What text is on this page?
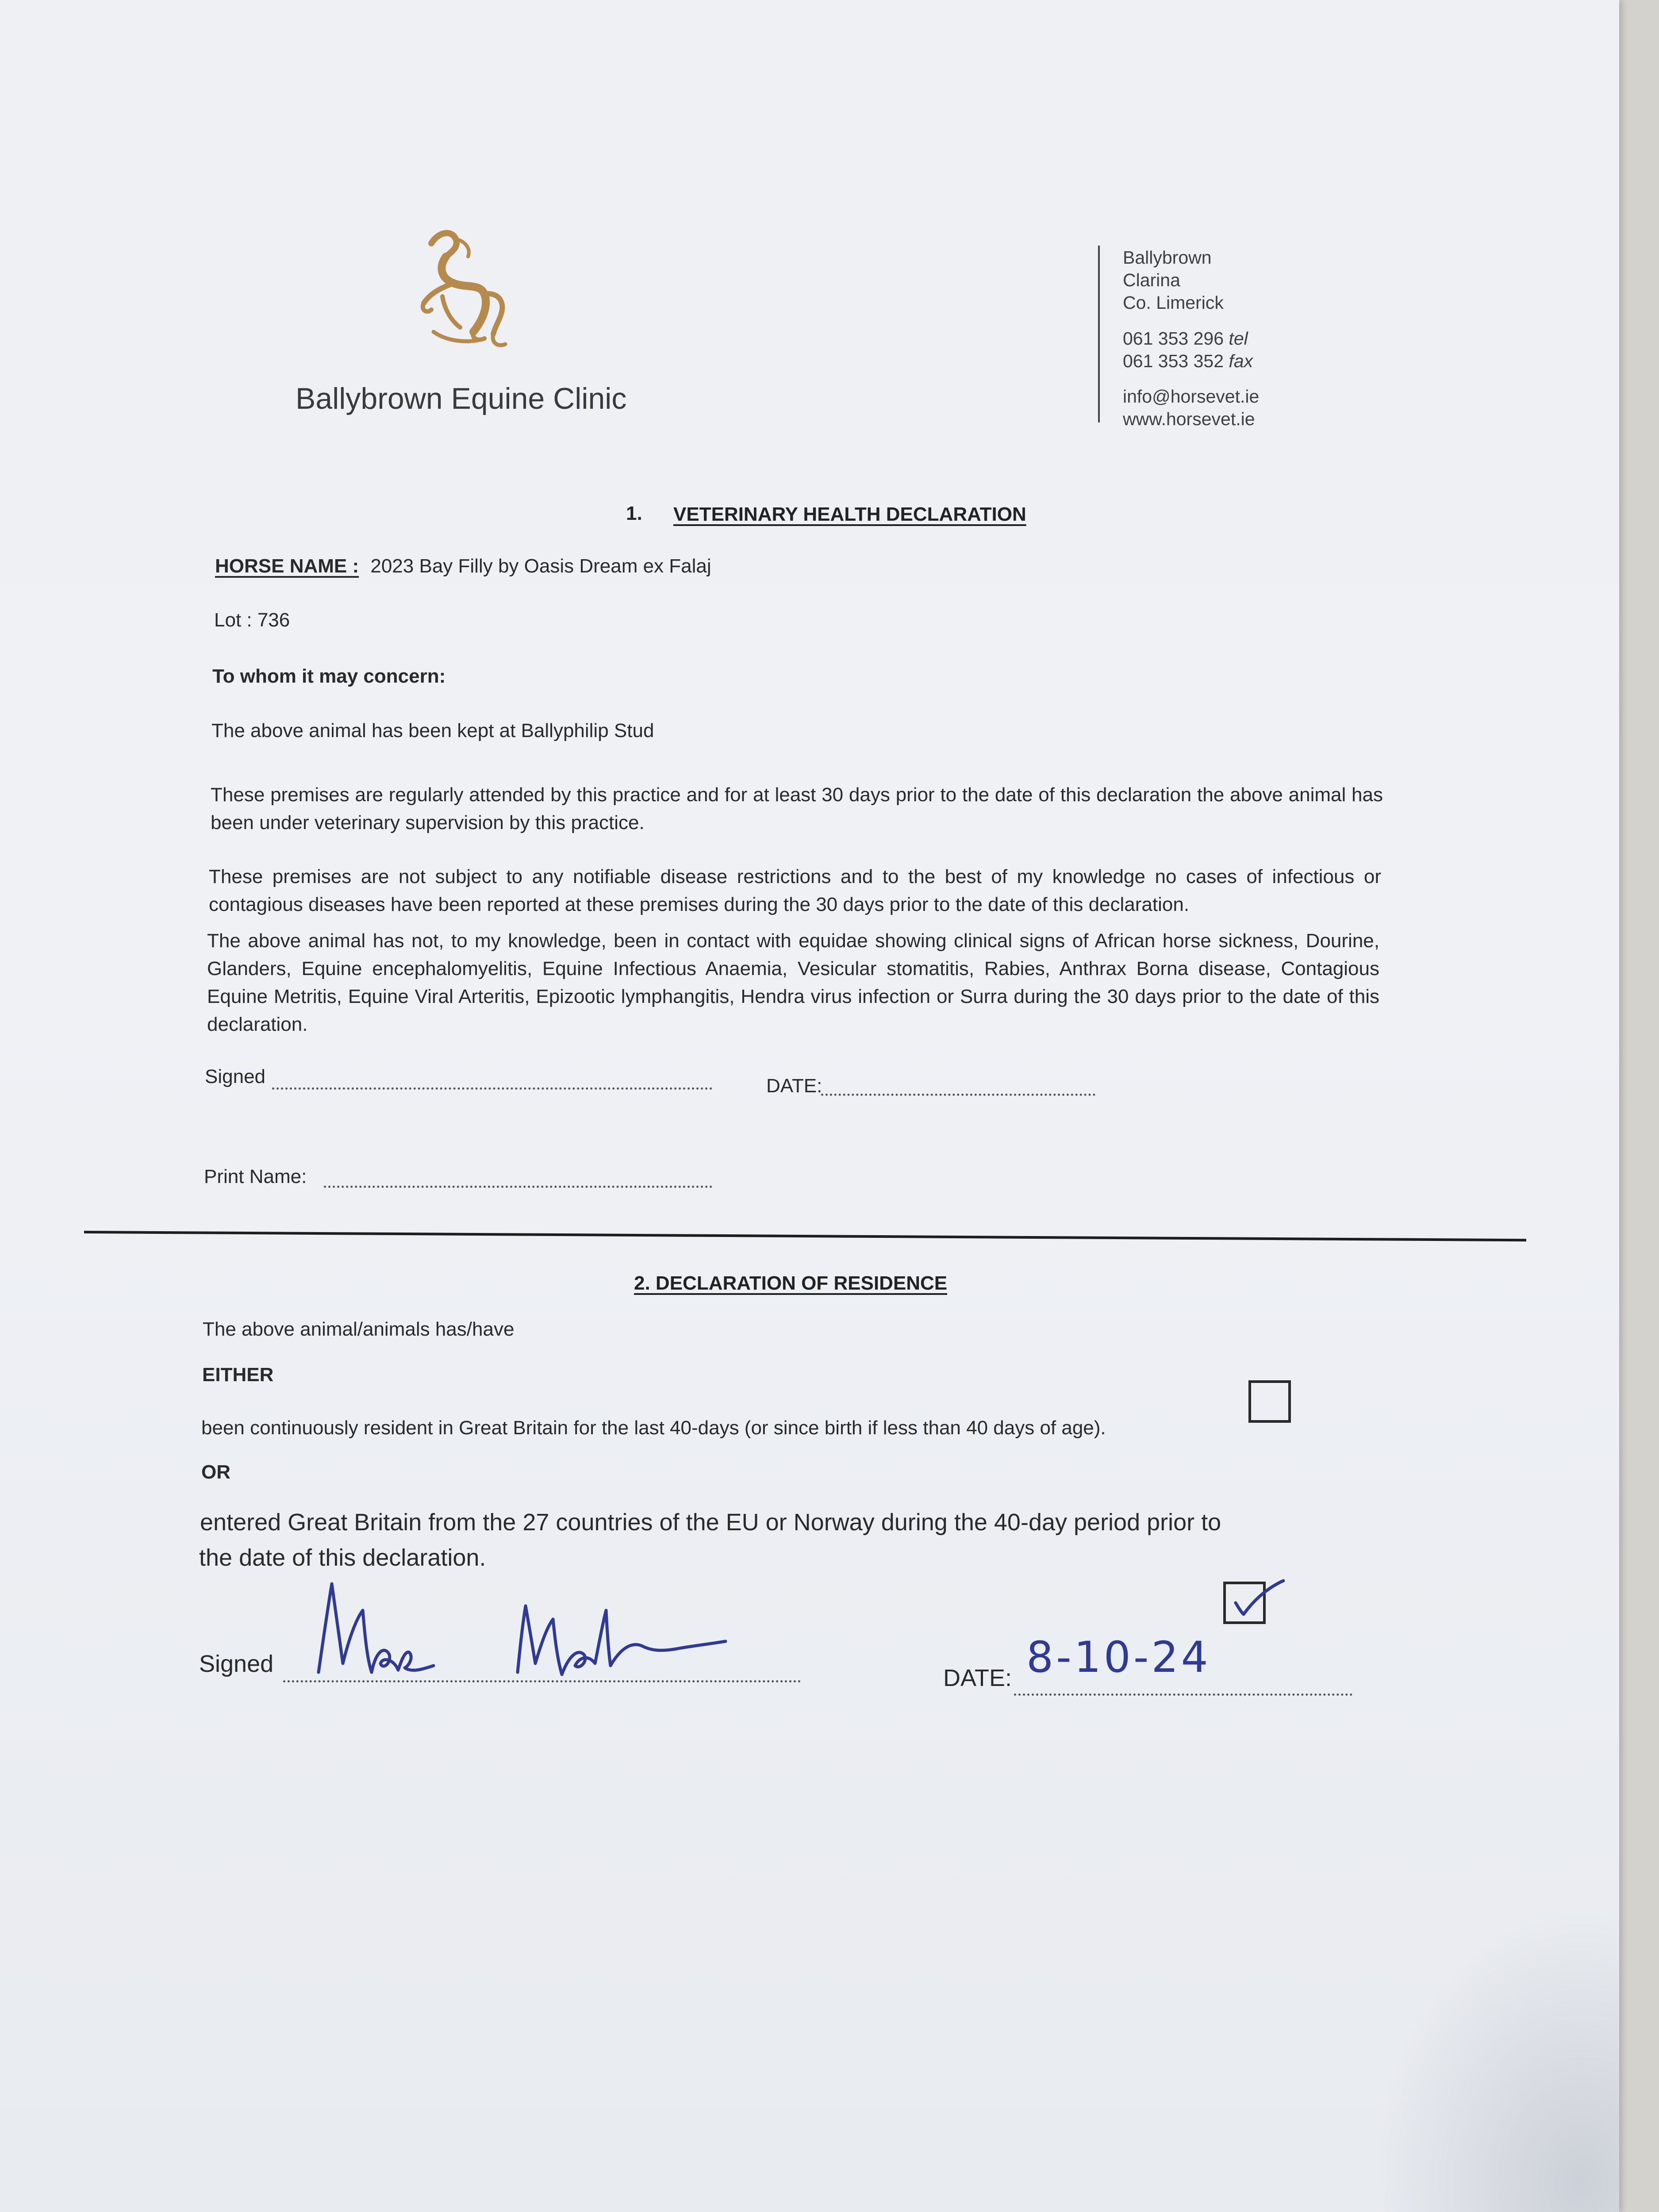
Ballybrown Equine Clinic
Ballybrown
Clarina
Co. Limerick
061 353 296 tel
061 353 352 fax
info@horsevet.ie
www.horsevet.ie
1. VETERINARY HEALTH DECLARATION
HORSE NAME : 2023 Bay Filly by Oasis Dream ex Falaj
Lot : 736
To whom it may concern:
The above animal has been kept at Ballyphilip Stud
These premises are regularly attended by this practice and for at least 30 days prior to the date of this declaration the above animal has been under veterinary supervision by this practice.
These premises are not subject to any notifiable disease restrictions and to the best of my knowledge no cases of infectious or contagious diseases have been reported at these premises during the 30 days prior to the date of this declaration.
The above animal has not, to my knowledge, been in contact with equidae showing clinical signs of African horse sickness, Dourine, Glanders, Equine encephalomyelitis, Equine Infectious Anaemia, Vesicular stomatitis, Rabies, Anthrax Borna disease, Contagious Equine Metritis, Equine Viral Arteritis, Epizootic lymphangitis, Hendra virus infection or Surra during the 30 days prior to the date of this declaration.
Signed	DATE:
Print Name:
2. DECLARATION OF RESIDENCE
The above animal/animals has/have
EITHER
been continuously resident in Great Britain for the last 40-days (or since birth if less than 40 days of age).
OR
entered Great Britain from the 27 countries of the EU or Norway during the 40-day period prior to
the date of this declaration.
Signed
DATE: 8-10-24
